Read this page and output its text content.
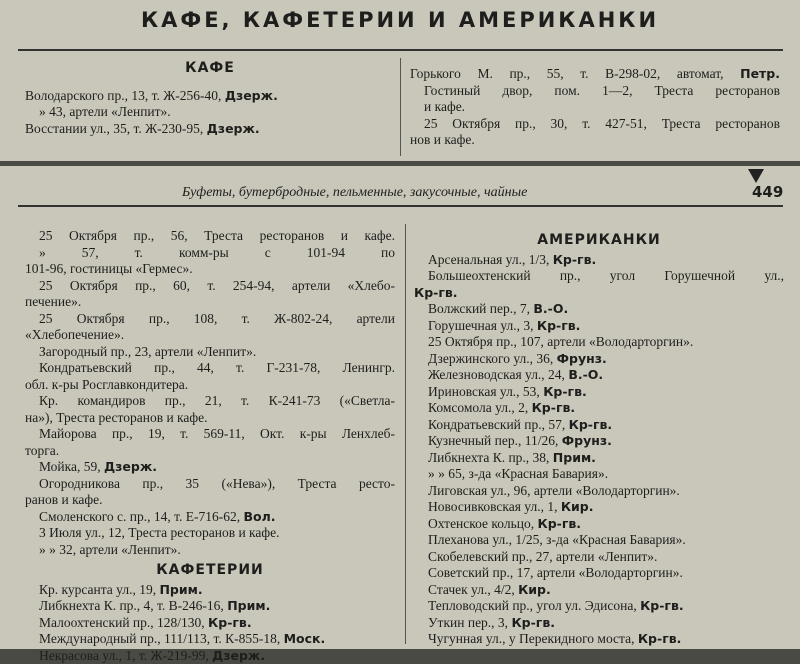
КАФЕ, КАФЕТЕРИИ И АМЕРИКАНКИ
КАФЕ
Володарского пр., 13, т. Ж-256-40, Дзерж.
» 43, артели «Ленпит».
Восстании ул., 35, т. Ж-230-95, Дзерж.
Горького М. пр., 55, т. В-298-02, автомат, Петр.
Гостиный двор, пом. 1—2, Треста ресторанов
и кафе.
25 Октября пр., 30, т. 427-51, Треста ресторанов
нов и кафе.
Буфеты, бутербродные, пельменные, закусочные, чайные	449
25 Октября пр., 56, Треста ресторанов и кафе.
» 57, т. комм-ры с 101-94 по
101-96, гостиницы «Гермес».
25 Октября пр., 60, т. 254-94, артели «Хлебо-
печение».
25 Октября пр., 108, т. Ж-802-24, артели
«Хлебопечение».
Загородный пр., 23, артели «Ленпит».
Кондратьевский пр., 44, т. Г-231-78, Ленингр.
обл. к-ры Росглавкондитера.
Кр. командиров пр., 21, т. К-241-73 («Светла-
на»), Треста ресторанов и кафе.
Майорова пр., 19, т. 569-11, Окт. к-ры Ленхлеб-
торга.
Мойка, 59, Дзерж.
Огородникова пр., 35 («Нева»), Треста ресто-
ранов и кафе.
Смоленского с. пр., 14, т. Е-716-62, Вол.
3 Июля ул., 12, Треста ресторанов и кафе.
» » 32, артели «Ленпит».
КАФЕТЕРИИ
Кр. курсанта ул., 19, Прим.
Либкнехта К. пр., 4, т. В-246-16, Прим.
Малоохтенский пр., 128/130, Кр-гв.
Международный пр., 111/113, т. К-855-18, Моск.
Некрасова ул., 1, т. Ж-219-99, Дзерж.
АМЕРИКАНКИ
Арсенальная ул., 1/3, Кр-гв.
Большеохтенский пр., угол Горушечной ул.,
Кр-гв.
Волжский пер., 7, В.-О.
Горушечная ул., 3, Кр-гв.
25 Октября пр., 107, артели «Володарторгин».
Дзержинского ул., 36, Фрунз.
Железноводская ул., 24, В.-О.
Ириновская ул., 53, Кр-гв.
Комсомола ул., 2, Кр-гв.
Кондратьевский пр., 57, Кр-гв.
Кузнечный пер., 11/26, Фрунз.
Либкнехта К. пр., 38, Прим.
» » 65, з-да «Красная Бавария».
Лиговская ул., 96, артели «Володарторгин».
Новосивковская ул., 1, Кир.
Охтенское кольцо, Кр-гв.
Плеханова ул., 1/25, з-да «Красная Бавария».
Скобелевский пр., 27, артели «Ленпит».
Советский пр., 17, артели «Володарторгин».
Стачек ул., 4/2, Кир.
Тепловодский пр., угол ул. Эдисона, Кр-гв.
Уткин пер., 3, Кр-гв.
Чугунная ул., у Перекидного моста, Кр-гв.
